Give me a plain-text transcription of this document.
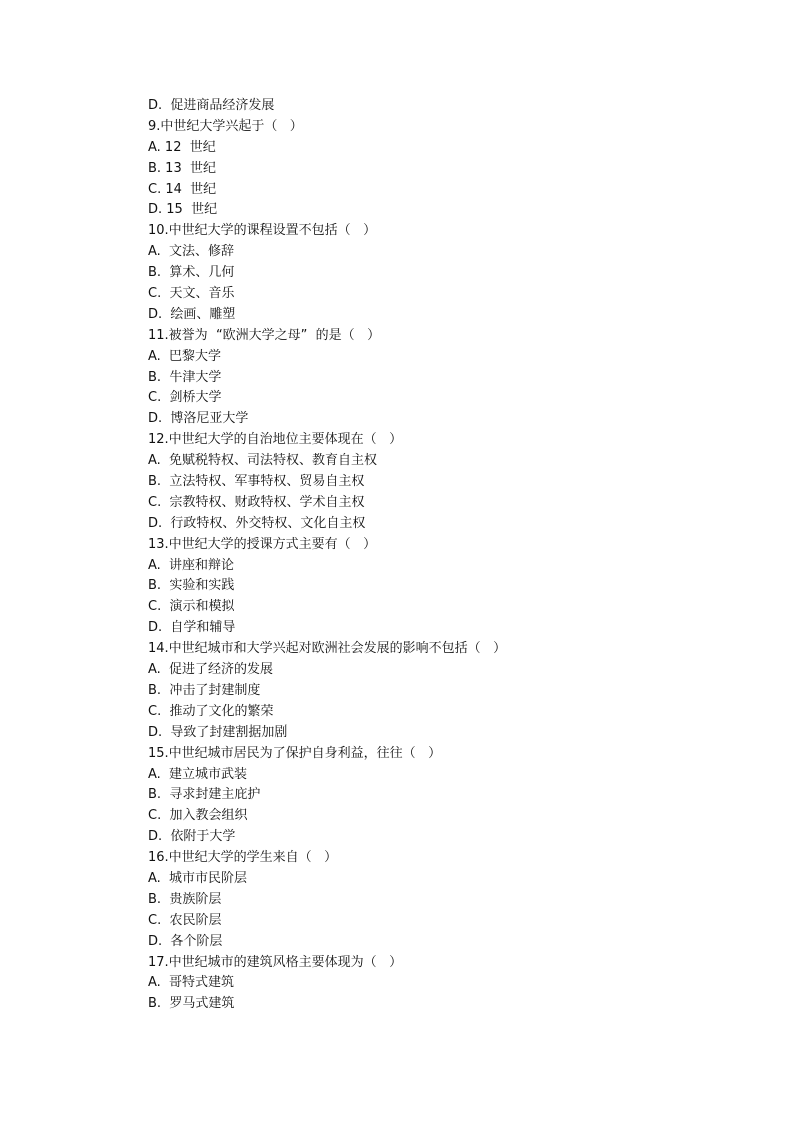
D.  促进商品经济发展
9.中世纪大学兴起于（   ）
A. 12  世纪
B. 13  世纪
C. 14  世纪
D. 15  世纪
10.中世纪大学的课程设置不包括（   ）
A.  文法、修辞
B.  算术、几何
C.  天文、音乐
D.  绘画、雕塑
11.被誉为  “欧洲大学之母”  的是（   ）
A.  巴黎大学
B.  牛津大学
C.  剑桥大学
D.  博洛尼亚大学
12.中世纪大学的自治地位主要体现在（   ）
A.  免赋税特权、司法特权、教育自主权
B.  立法特权、军事特权、贸易自主权
C.  宗教特权、财政特权、学术自主权
D.  行政特权、外交特权、文化自主权
13.中世纪大学的授课方式主要有（   ）
A.  讲座和辩论
B.  实验和实践
C.  演示和模拟
D.  自学和辅导
14.中世纪城市和大学兴起对欧洲社会发展的影响不包括（   ）
A.  促进了经济的发展
B.  冲击了封建制度
C.  推动了文化的繁荣
D.  导致了封建割据加剧
15.中世纪城市居民为了保护自身利益，往往（   ）
A.  建立城市武装
B.  寻求封建主庇护
C.  加入教会组织
D.  依附于大学
16.中世纪大学的学生来自（   ）
A.  城市市民阶层
B.  贵族阶层
C.  农民阶层
D.  各个阶层
17.中世纪城市的建筑风格主要体现为（   ）
A.  哥特式建筑
B.  罗马式建筑
